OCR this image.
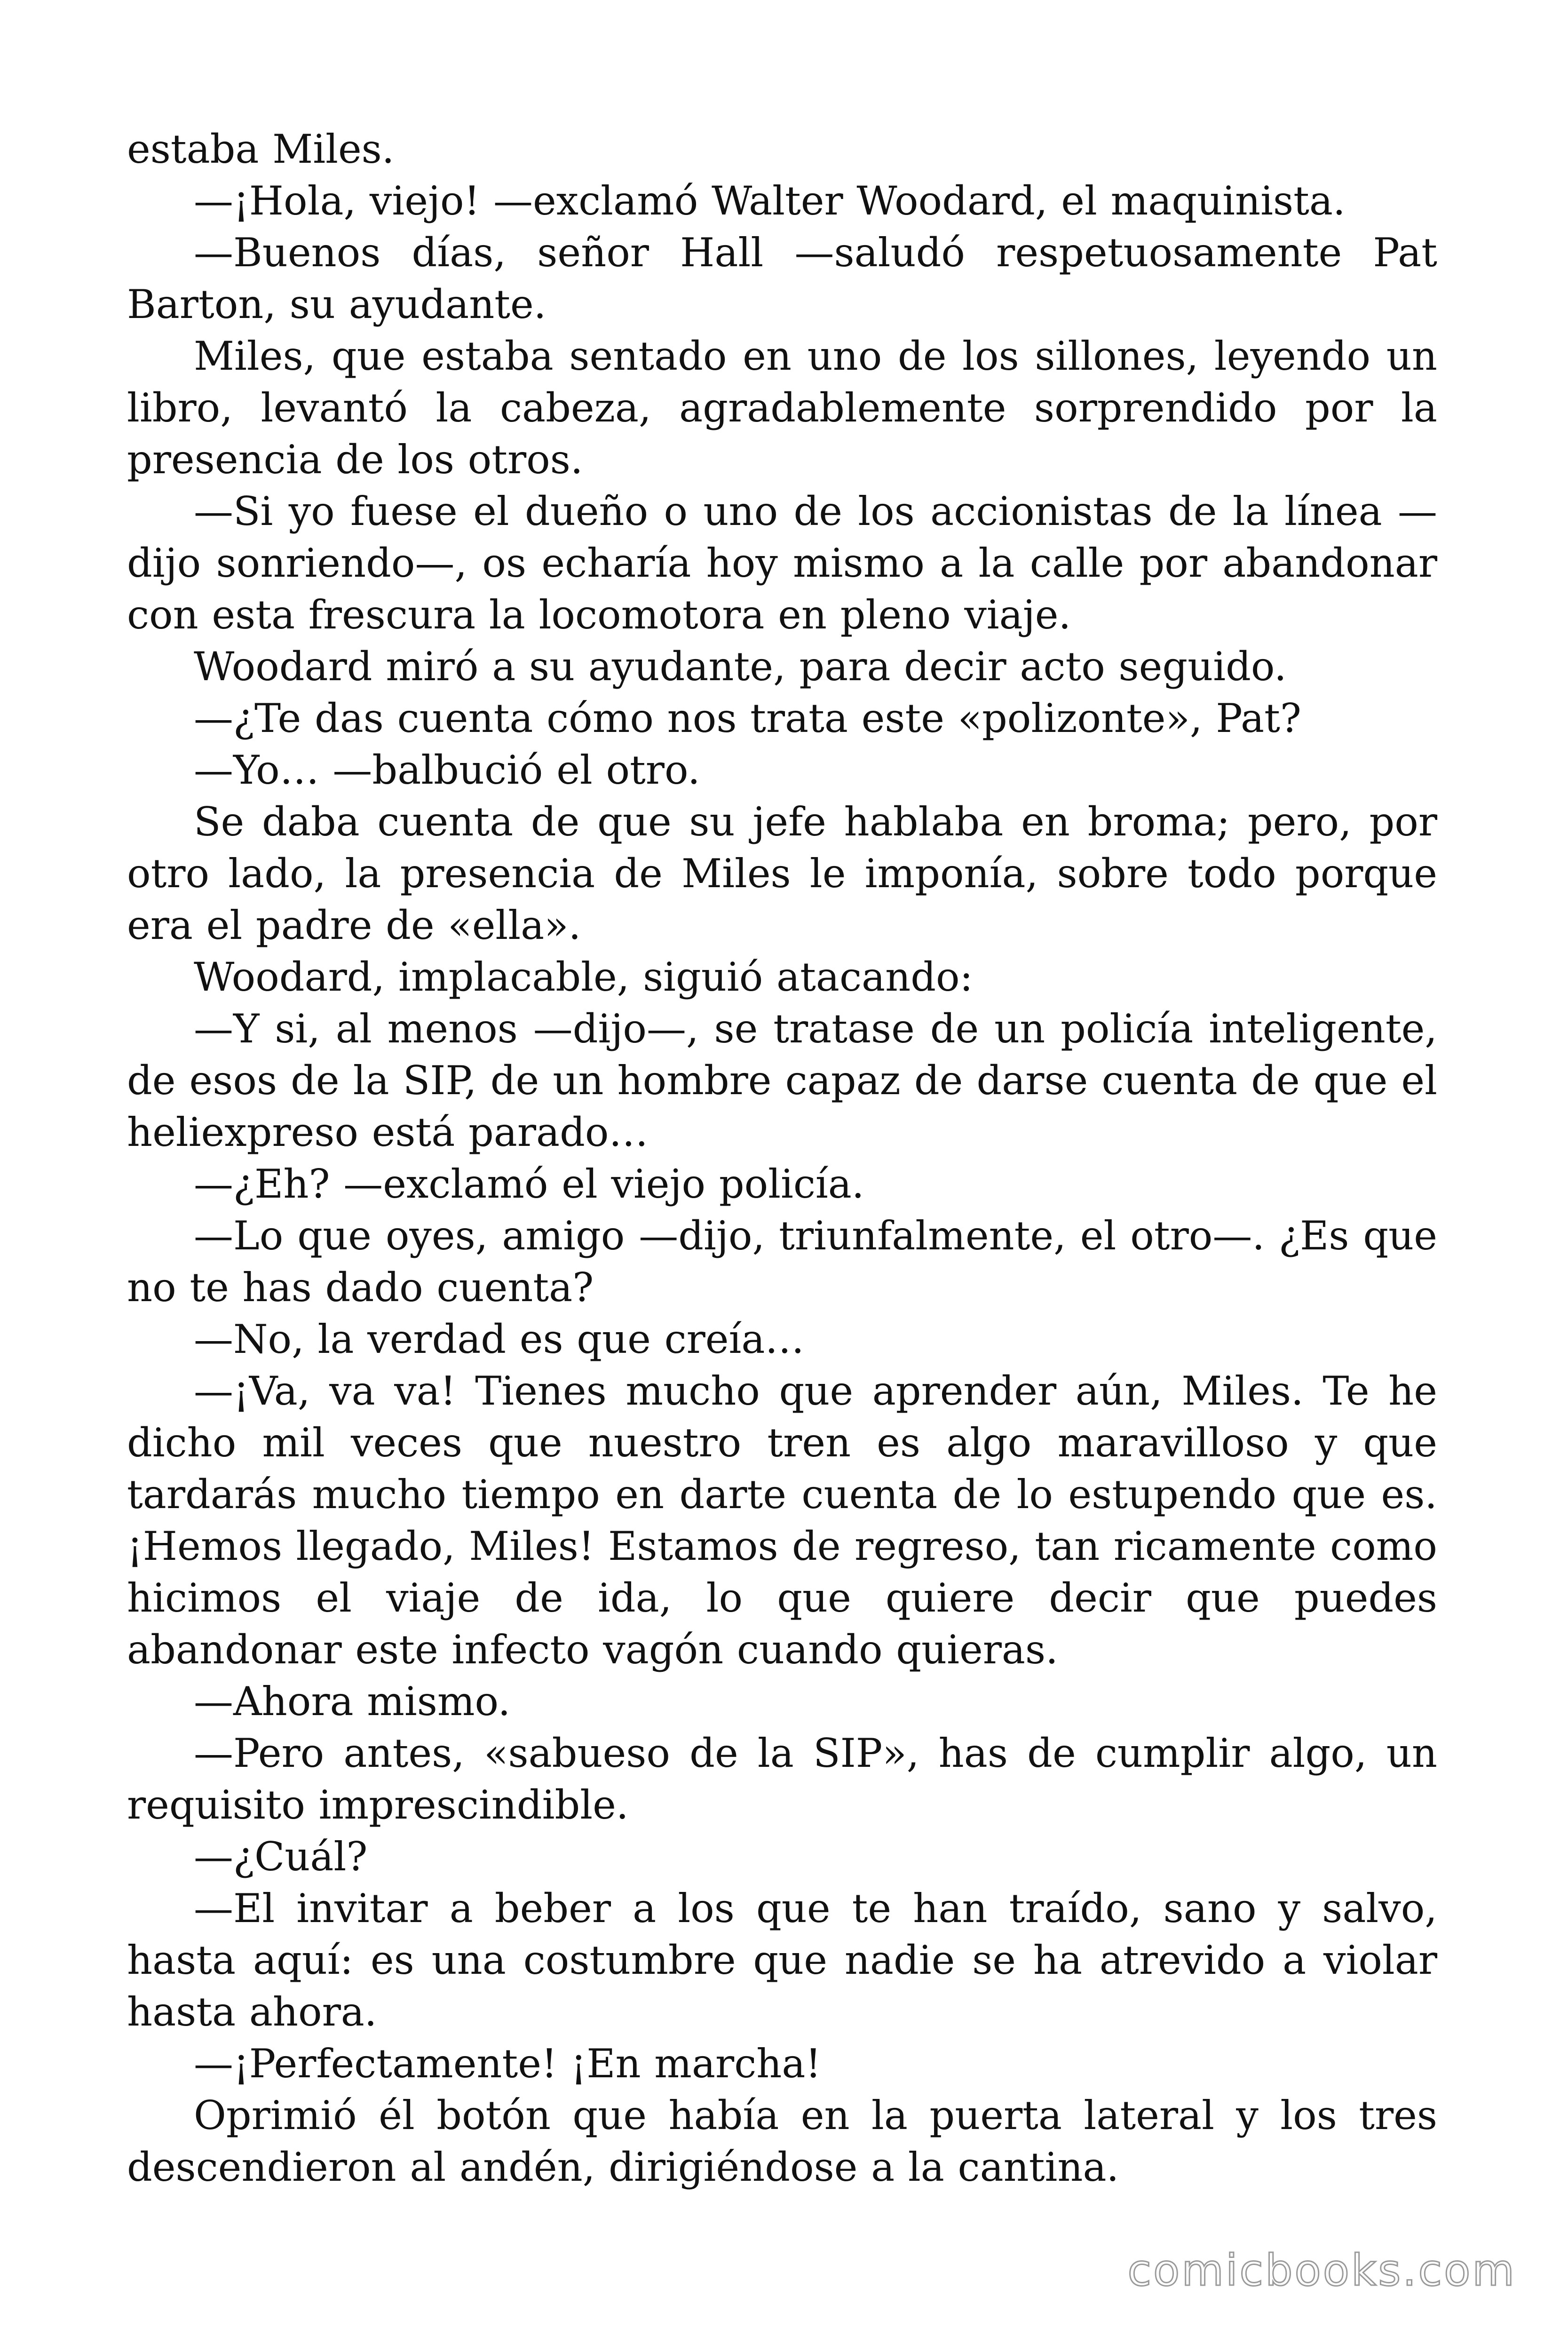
estaba Miles.

—¡Hola, viejo! —exclamó Walter Woodard, el maquinista.

—Buenos días, señor Hall —saludó respetuosamente Pat Barton, su ayudante.

Miles, que estaba sentado en uno de los sillones, leyendo un libro, levantó la cabeza, agradablemente sorprendido por la presencia de los otros.

—Si yo fuese el dueño o uno de los accionistas de la línea —dijo sonriendo—, os echaría hoy mismo a la calle por abandonar con esta frescura la locomotora en pleno viaje.

Woodard miró a su ayudante, para decir acto seguido.

—¿Te das cuenta cómo nos trata este «polizonte», Pat?

—Yo… —balbució el otro.

Se daba cuenta de que su jefe hablaba en broma; pero, por otro lado, la presencia de Miles le imponía, sobre todo porque era el padre de «ella».

Woodard, implacable, siguió atacando:

—Y si, al menos —dijo—, se tratase de un policía inteligente, de esos de la SIP, de un hombre capaz de darse cuenta de que el heliexpreso está parado…

—¿Eh? —exclamó el viejo policía.

—Lo que oyes, amigo —dijo, triunfalmente, el otro—. ¿Es que no te has dado cuenta?

—No, la verdad es que creía…

—¡Va, va va! Tienes mucho que aprender aún, Miles. Te he dicho mil veces que nuestro tren es algo maravilloso y que tardarás mucho tiempo en darte cuenta de lo estupendo que es. ¡Hemos llegado, Miles! Estamos de regreso, tan ricamente como hicimos el viaje de ida, lo que quiere decir que puedes abandonar este infecto vagón cuando quieras.

—Ahora mismo.

—Pero antes, «sabueso de la SIP», has de cumplir algo, un requisito imprescindible.

—¿Cuál?

—El invitar a beber a los que te han traído, sano y salvo, hasta aquí: es una costumbre que nadie se ha atrevido a violar hasta ahora.

—¡Perfectamente! ¡En marcha!

Oprimió él botón que había en la puerta lateral y los tres descendieron al andén, dirigiéndose a la cantina.

comicbooks.com
